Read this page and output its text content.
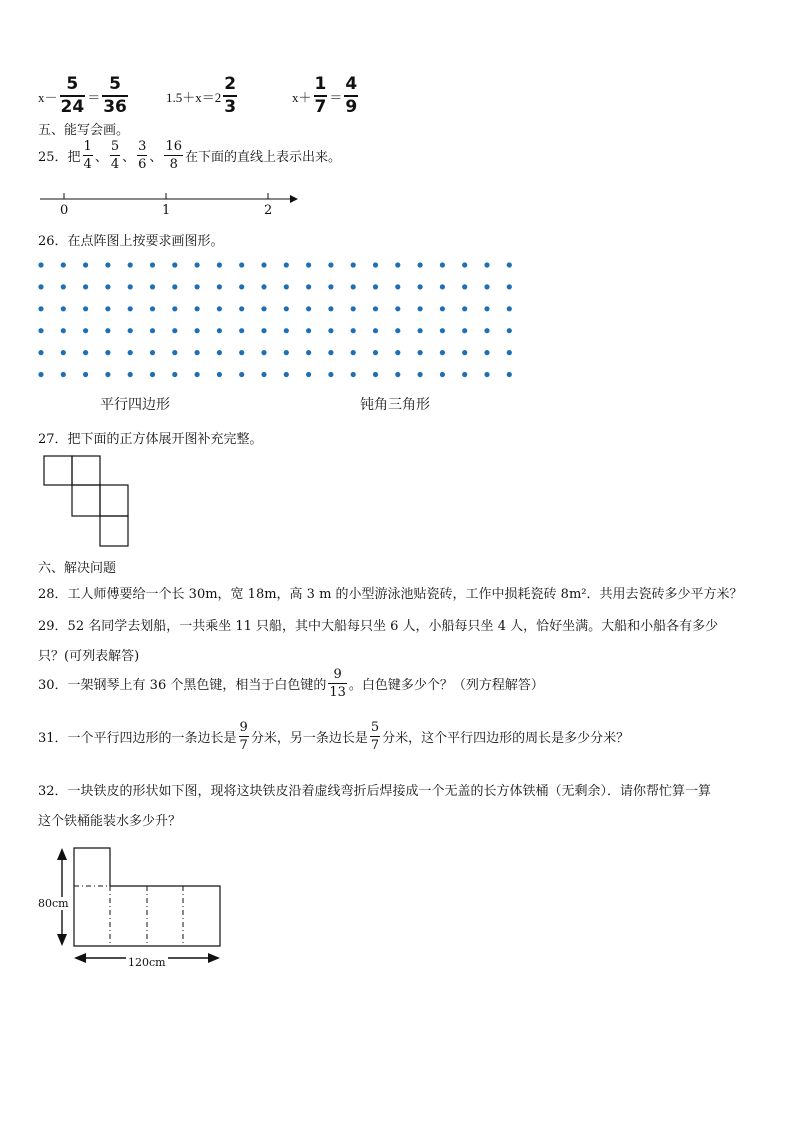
$x- \frac{5}{24} = \frac{5}{36}$	$1.5+x=2 \frac{2}{3}$	$x+ \frac{1}{7} = \frac{4}{9}$
五、能写会画。
25．把 $\frac{1}{4}$ 、 $\frac{5}{4}$ 、 $\frac{3}{6}$ 、 $\frac{16}{8}$ 在下面的直线上表示出来。
0	1	2
26．在点阵图上按要求画图形。
平行四边形	钝角三角形
27．把下面的正方体展开图补充完整。
六、解决问题
28．工人师傅要给一个长 30m，宽 18m，高 3 m 的小型游泳池贴瓷砖，工作中损耗瓷砖 8m²．共用去瓷砖多少平方米？
29．52 名同学去划船，一共乘坐 11 只船，其中大船每只坐 6 人，小船每只坐 4 人，恰好坐满。大船和小船各有多少
只？(可列表解答)
30．一架钢琴上有 36 个黑色键，相当于白色键的 $\frac{9}{13}$ 。白色键多少个？（列方程解答）
31．一个平行四边形的一条边长是 $\frac{9}{7}$ 分米，另一条边长是 $\frac{5}{7}$ 分米，这个平行四边形的周长是多少分米？
32．一块铁皮的形状如下图，现将这块铁皮沿着虚线弯折后焊接成一个无盖的长方体铁桶（无剩余）．请你帮忙算一算
这个铁桶能装水多少升？
80cm
120cm
